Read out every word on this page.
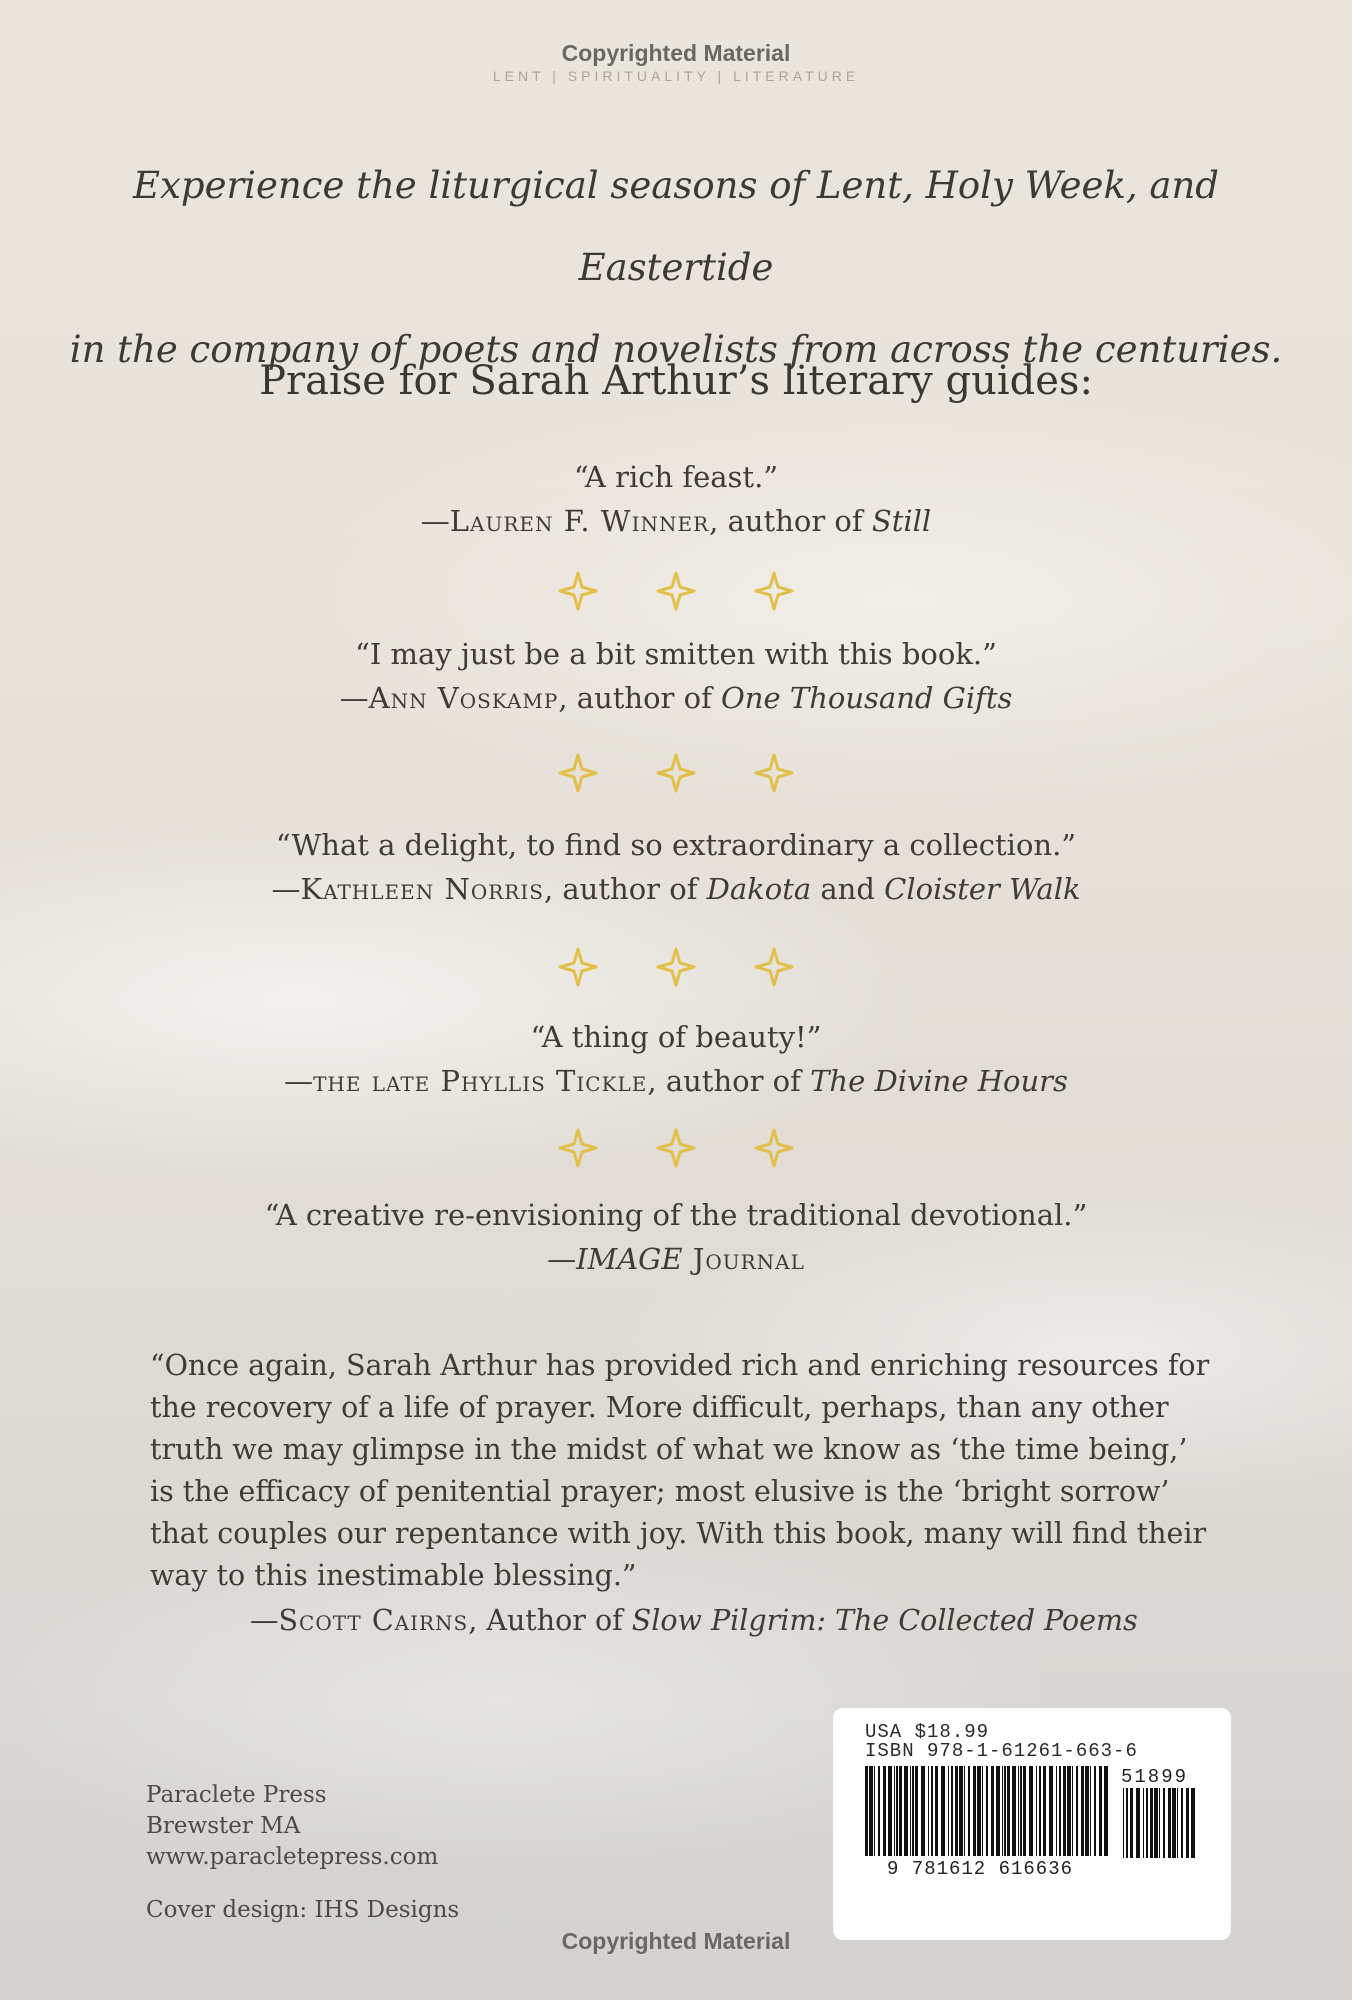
Copyrighted Material
LENT | SPIRITUALITY | LITERATURE
Experience the liturgical seasons of Lent, Holy Week, and Eastertide
in the company of poets and novelists from across the centuries.
Praise for Sarah Arthur’s literary guides:
“A rich feast.”
—Lauren F. Winner, author of Still
“I may just be a bit smitten with this book.”
—Ann Voskamp, author of One Thousand Gifts
“What a delight, to find so extraordinary a collection.”
—Kathleen Norris, author of Dakota and Cloister Walk
“A thing of beauty!”
—the late Phyllis Tickle, author of The Divine Hours
“A creative re-envisioning of the traditional devotional.”
—IMAGE Journal
“Once again, Sarah Arthur has provided rich and enriching resources for the recovery of a life of prayer. More difficult, perhaps, than any other truth we may glimpse in the midst of what we know as ‘the time being,’ is the efficacy of penitential prayer; most elusive is the ‘bright sorrow’ that couples our repentance with joy. With this book, many will find their way to this inestimable blessing.”
—Scott Cairns, Author of Slow Pilgrim: The Collected Poems
Paraclete Press
Brewster MA
www.paracletepress.com
Cover design: IHS Designs
USA $18.99
ISBN 978-1-61261-663-6
51899
9 781612 616636
Copyrighted Material
